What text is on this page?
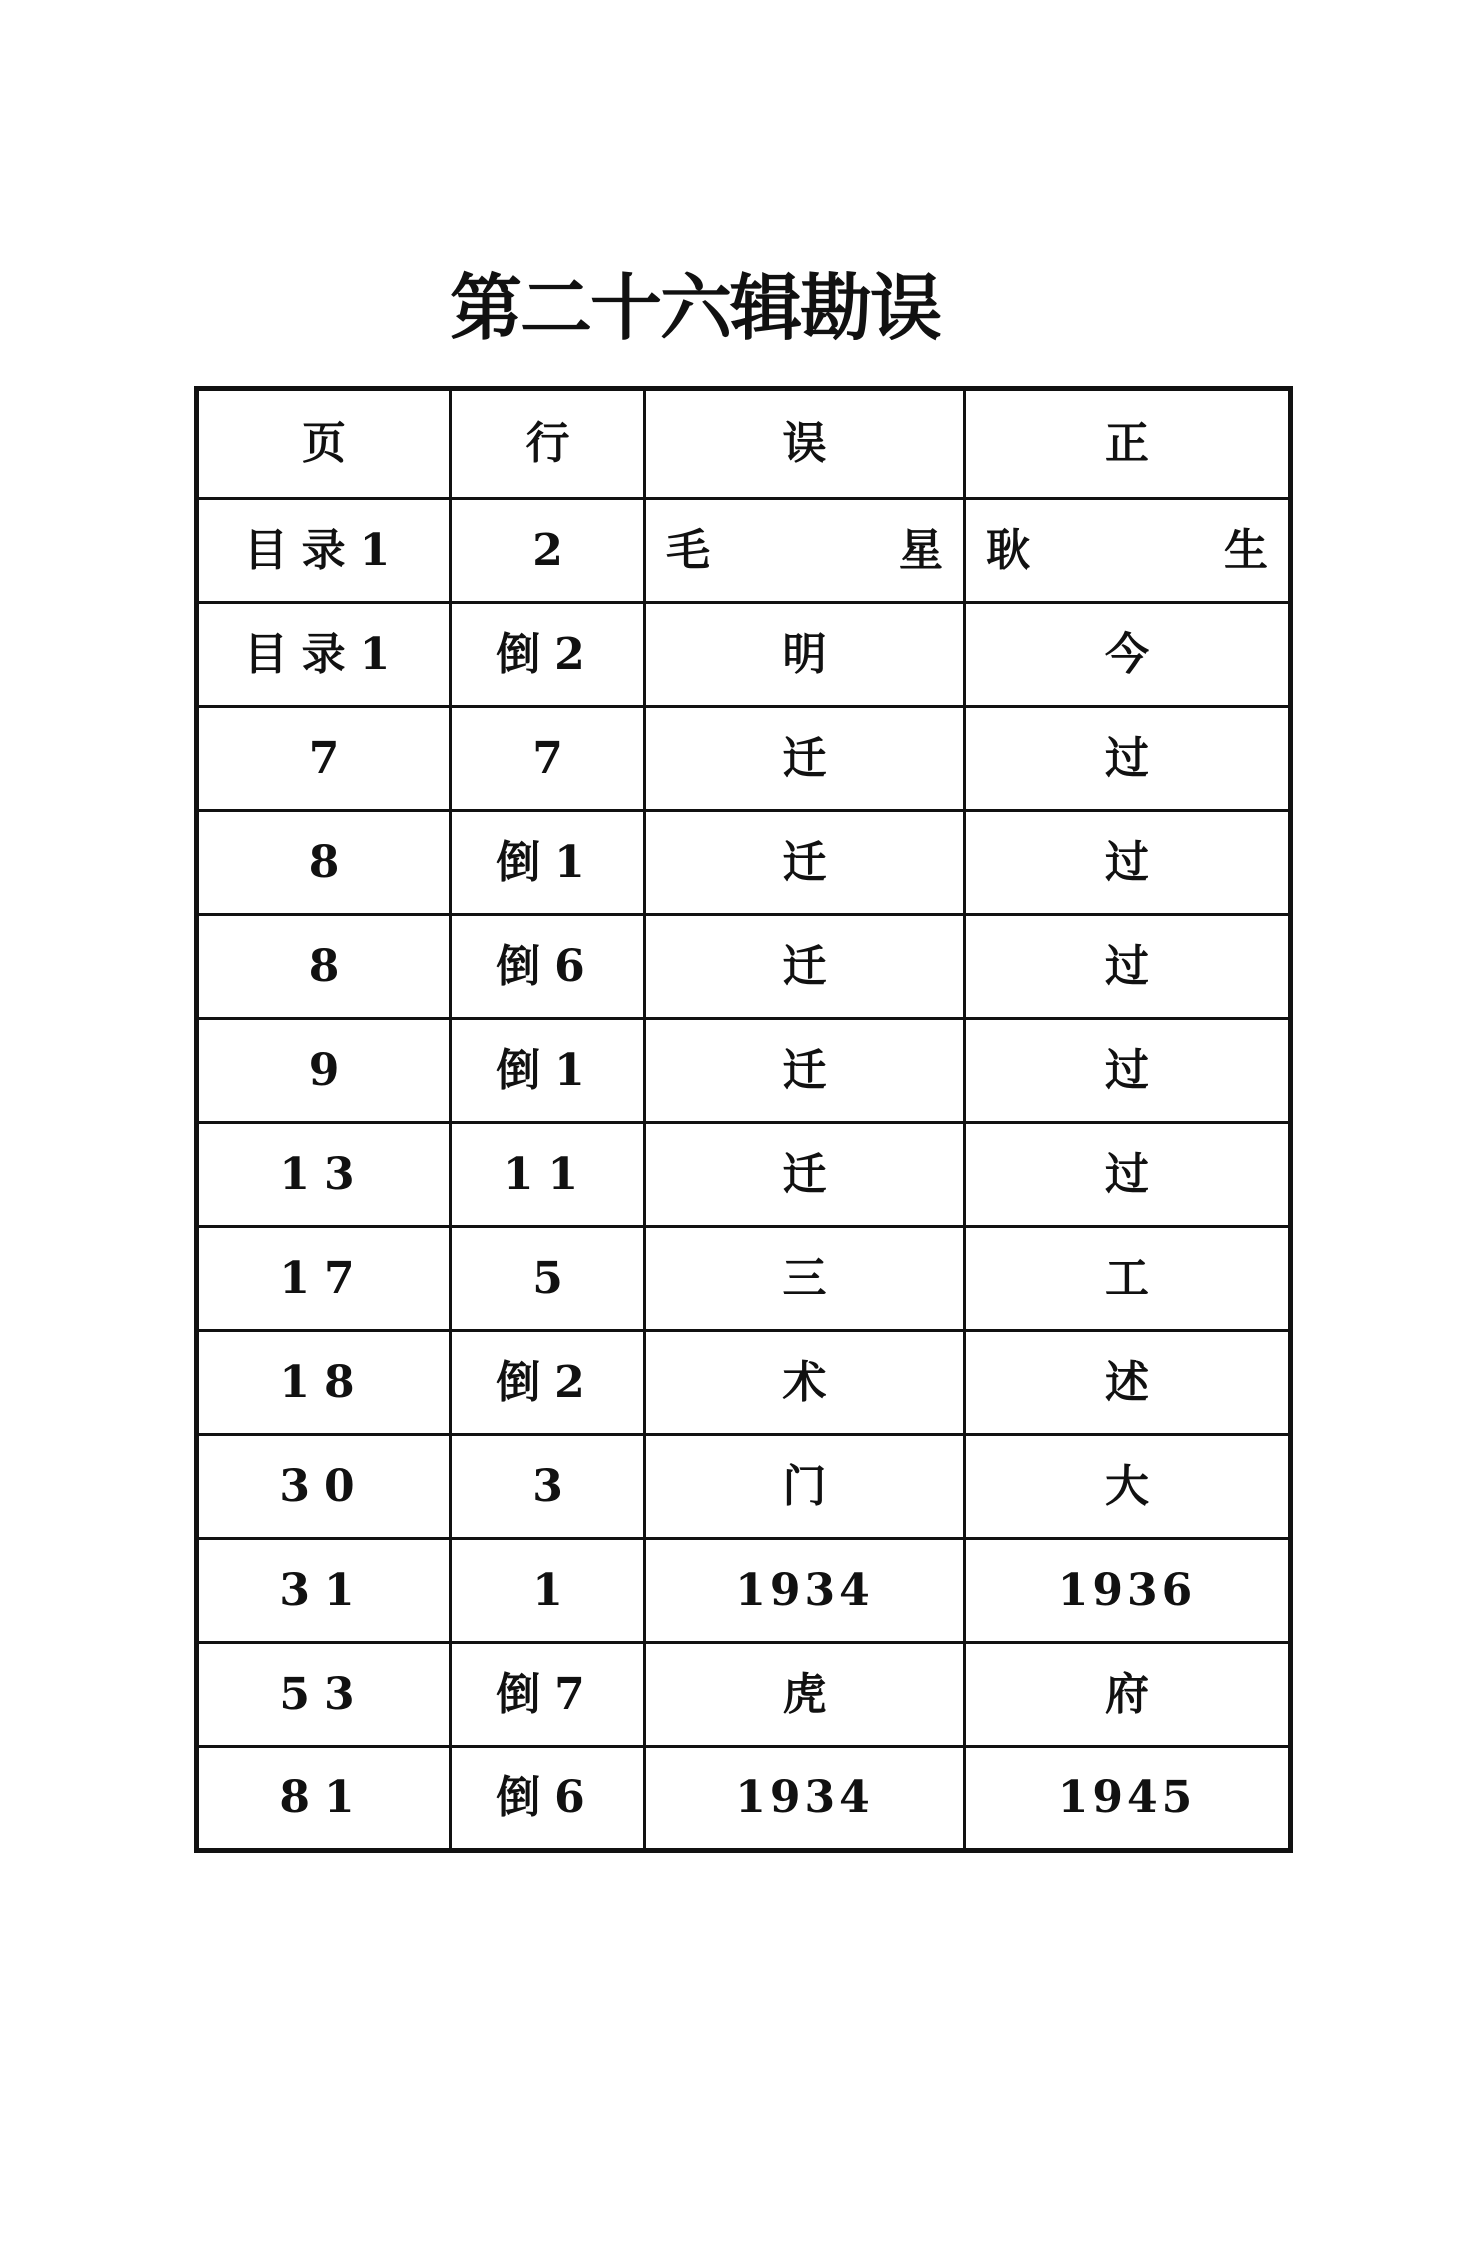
第二十六辑勘误
页	行	误	正
目录1	2	毛 星	耿 生

目录1	倒2	明	今
7	7	迁	过
8	倒1	迁	过
8	倒6	迁	过
9	倒1	迁	过
13	11	迁	过
17	5	三	工
18	倒2	术	述
30	3	门	大
31	1	1934	1936
53	倒7	虎	府
81	倒6	1934	1945
